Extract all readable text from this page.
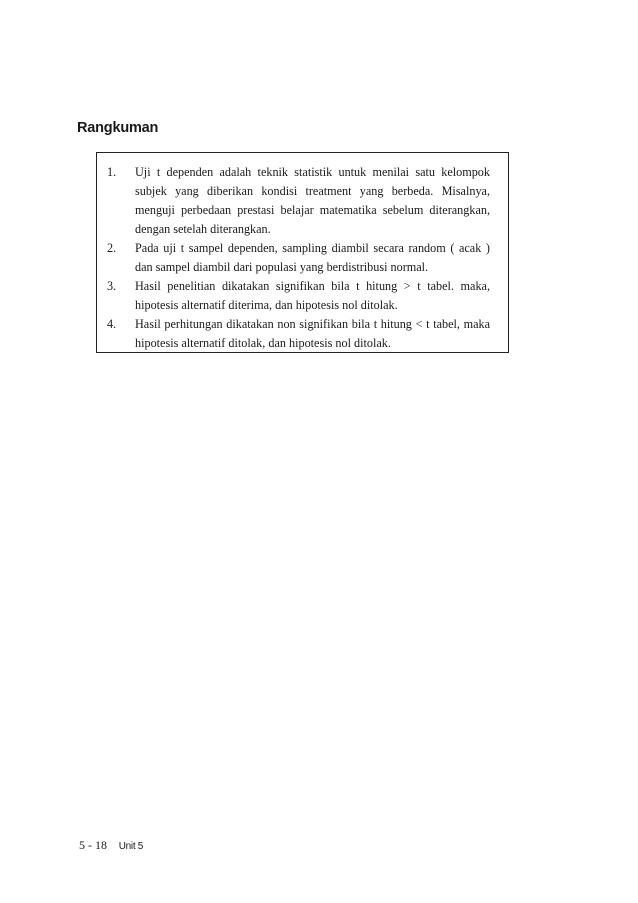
Rangkuman
1. Uji t dependen adalah teknik statistik untuk menilai satu kelompok subjek yang diberikan kondisi treatment yang berbeda. Misalnya, menguji perbedaan prestasi belajar matematika sebelum diterangkan, dengan setelah diterangkan.
2. Pada uji t sampel dependen, sampling diambil secara random ( acak ) dan sampel diambil dari populasi yang berdistribusi normal.
3. Hasil penelitian dikatakan signifikan bila t hitung > t tabel. maka, hipotesis alternatif diterima, dan hipotesis nol ditolak.
4. Hasil perhitungan dikatakan non signifikan bila t hitung < t tabel, maka hipotesis alternatif ditolak, dan hipotesis nol ditolak.
5 - 18 Unit 5
